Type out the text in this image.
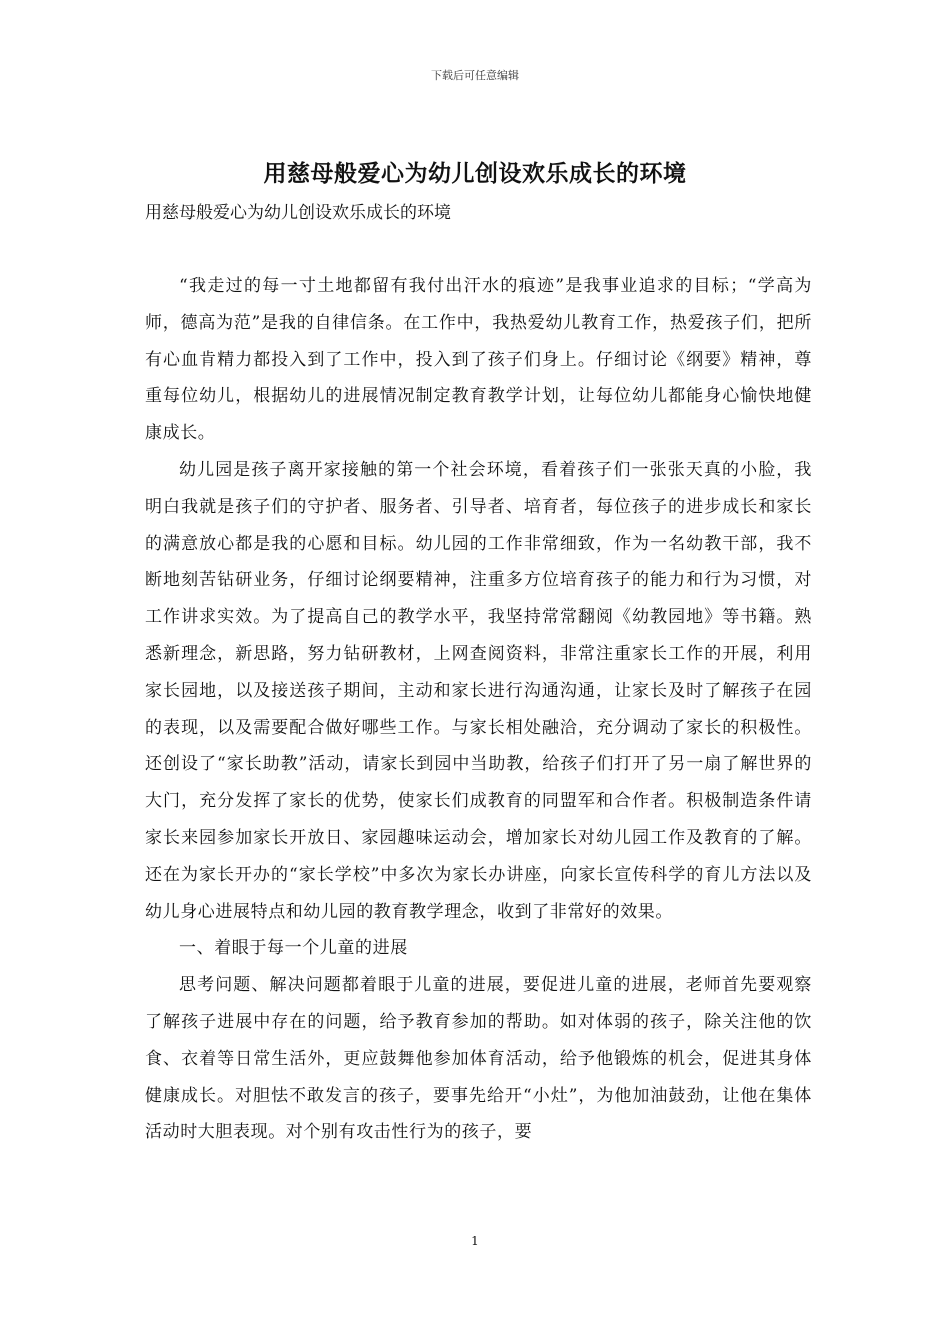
下载后可任意编辑
用慈母般爱心为幼儿创设欢乐成长的环境
用慈母般爱心为幼儿创设欢乐成长的环境

“我走过的每一寸土地都留有我付出汗水的痕迹”是我事业追求的目标；“学高为师，德高为范”是我的自律信条。在工作中，我热爱幼儿教育工作，热爱孩子们，把所有心血肯精力都投入到了工作中，投入到了孩子们身上。仔细讨论《纲要》精神，尊重每位幼儿，根据幼儿的进展情况制定教育教学计划，让每位幼儿都能身心愉快地健康成长。

幼儿园是孩子离开家接触的第一个社会环境，看着孩子们一张张天真的小脸，我明白我就是孩子们的守护者、服务者、引导者、培育者，每位孩子的进步成长和家长的满意放心都是我的心愿和目标。幼儿园的工作非常细致，作为一名幼教干部，我不断地刻苦钻研业务，仔细讨论纲要精神，注重多方位培育孩子的能力和行为习惯，对工作讲求实效。为了提高自己的教学水平，我坚持常常翻阅《幼教园地》等书籍。熟悉新理念，新思路，努力钻研教材，上网查阅资料，非常注重家长工作的开展，利用家长园地，以及接送孩子期间，主动和家长进行沟通沟通，让家长及时了解孩子在园的表现，以及需要配合做好哪些工作。与家长相处融洽，充分调动了家长的积极性。还创设了“家长助教”活动，请家长到园中当助教，给孩子们打开了另一扇了解世界的大门，充分发挥了家长的优势，使家长们成教育的同盟军和合作者。积极制造条件请家长来园参加家长开放日、家园趣味运动会，增加家长对幼儿园工作及教育的了解。还在为家长开办的“家长学校”中多次为家长办讲座，向家长宣传科学的育儿方法以及幼儿身心进展特点和幼儿园的教育教学理念，收到了非常好的效果。

一、着眼于每一个儿童的进展

思考问题、解决问题都着眼于儿童的进展，要促进儿童的进展，老师首先要观察了解孩子进展中存在的问题，给予教育参加的帮助。如对体弱的孩子，除关注他的饮食、衣着等日常生活外，更应鼓舞他参加体育活动，给予他锻炼的机会，促进其身体健康成长。对胆怯不敢发言的孩子，要事先给开“小灶”，为他加油鼓劲，让他在集体活动时大胆表现。对个别有攻击性行为的孩子，要

1
